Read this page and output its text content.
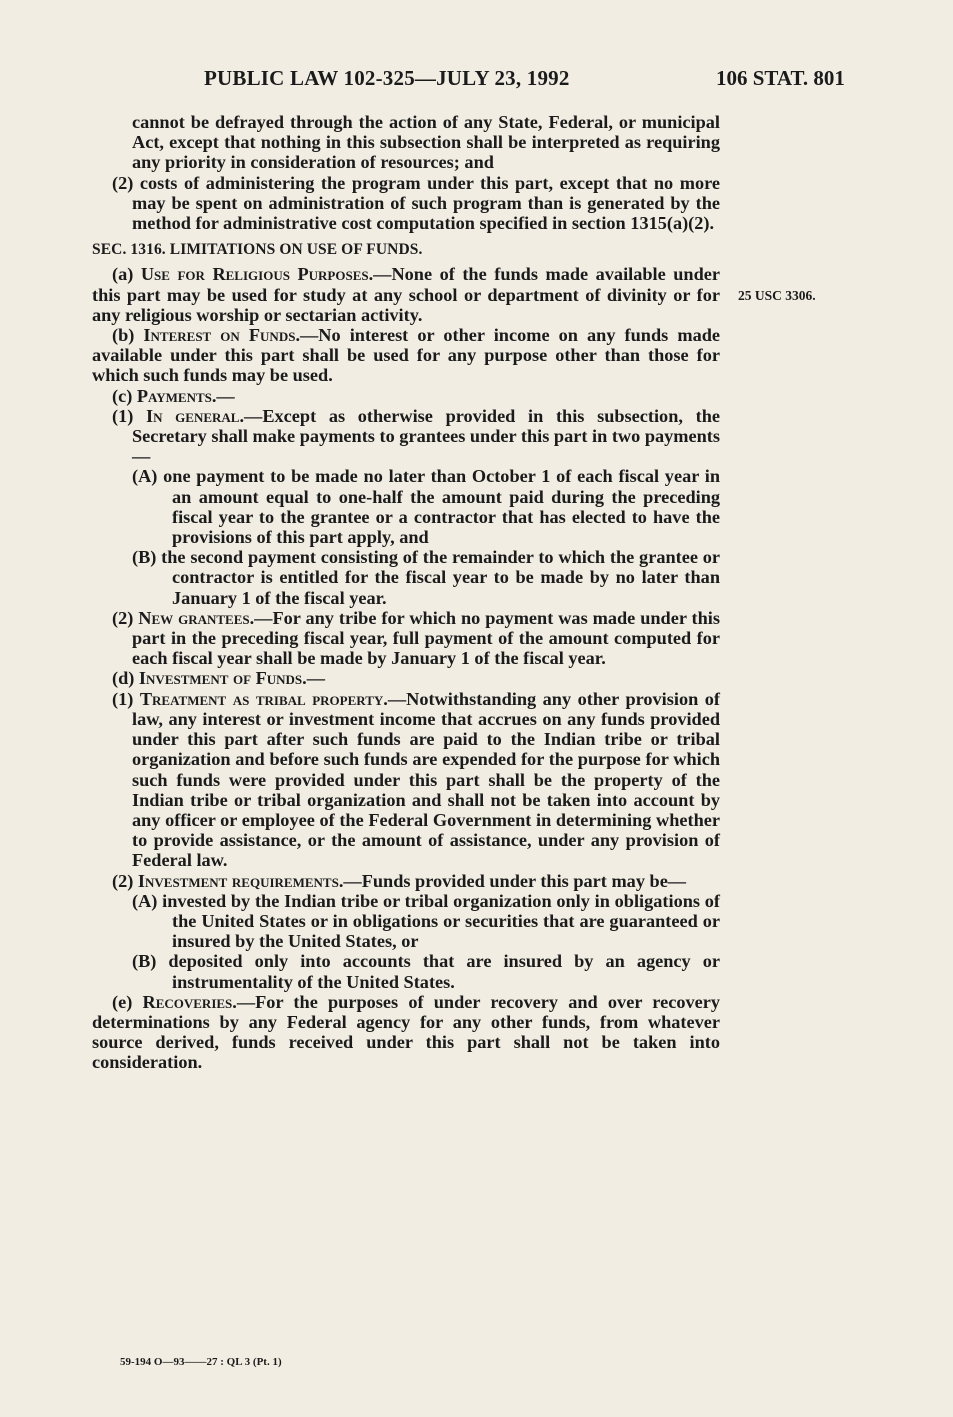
PUBLIC LAW 102-325—JULY 23, 1992	106 STAT. 801
25 USC 3306.

cannot be defrayed through the action of any State, Federal, or municipal Act, except that nothing in this subsection shall be interpreted as requiring any priority in consideration of resources; and

(2) costs of administering the program under this part, except that no more may be spent on administration of such program than is generated by the method for administrative cost computation specified in section 1315(a)(2).

SEC. 1316. LIMITATIONS ON USE OF FUNDS.

(a) Use for Religious Purposes.—None of the funds made available under this part may be used for study at any school or department of divinity or for any religious worship or sectarian activity.

(b) Interest on Funds.—No interest or other income on any funds made available under this part shall be used for any purpose other than those for which such funds may be used.

(c) Payments.—

(1) In general.—Except as otherwise provided in this subsection, the Secretary shall make payments to grantees under this part in two payments—

(A) one payment to be made no later than October 1 of each fiscal year in an amount equal to one-half the amount paid during the preceding fiscal year to the grantee or a contractor that has elected to have the provisions of this part apply, and

(B) the second payment consisting of the remainder to which the grantee or contractor is entitled for the fiscal year to be made by no later than January 1 of the fiscal year.

(2) New grantees.—For any tribe for which no payment was made under this part in the preceding fiscal year, full payment of the amount computed for each fiscal year shall be made by January 1 of the fiscal year.

(d) Investment of Funds.—

(1) Treatment as tribal property.—Notwithstanding any other provision of law, any interest or investment income that accrues on any funds provided under this part after such funds are paid to the Indian tribe or tribal organization and before such funds are expended for the purpose for which such funds were provided under this part shall be the property of the Indian tribe or tribal organization and shall not be taken into account by any officer or employee of the Federal Government in determining whether to provide assistance, or the amount of assistance, under any provision of Federal law.

(2) Investment requirements.—Funds provided under this part may be—

(A) invested by the Indian tribe or tribal organization only in obligations of the United States or in obligations or securities that are guaranteed or insured by the United States, or

(B) deposited only into accounts that are insured by an agency or instrumentality of the United States.

(e) Recoveries.—For the purposes of under recovery and over recovery determinations by any Federal agency for any other funds, from whatever source derived, funds received under this part shall not be taken into consideration.

59-194 O—93——27 : QL 3 (Pt. 1)
